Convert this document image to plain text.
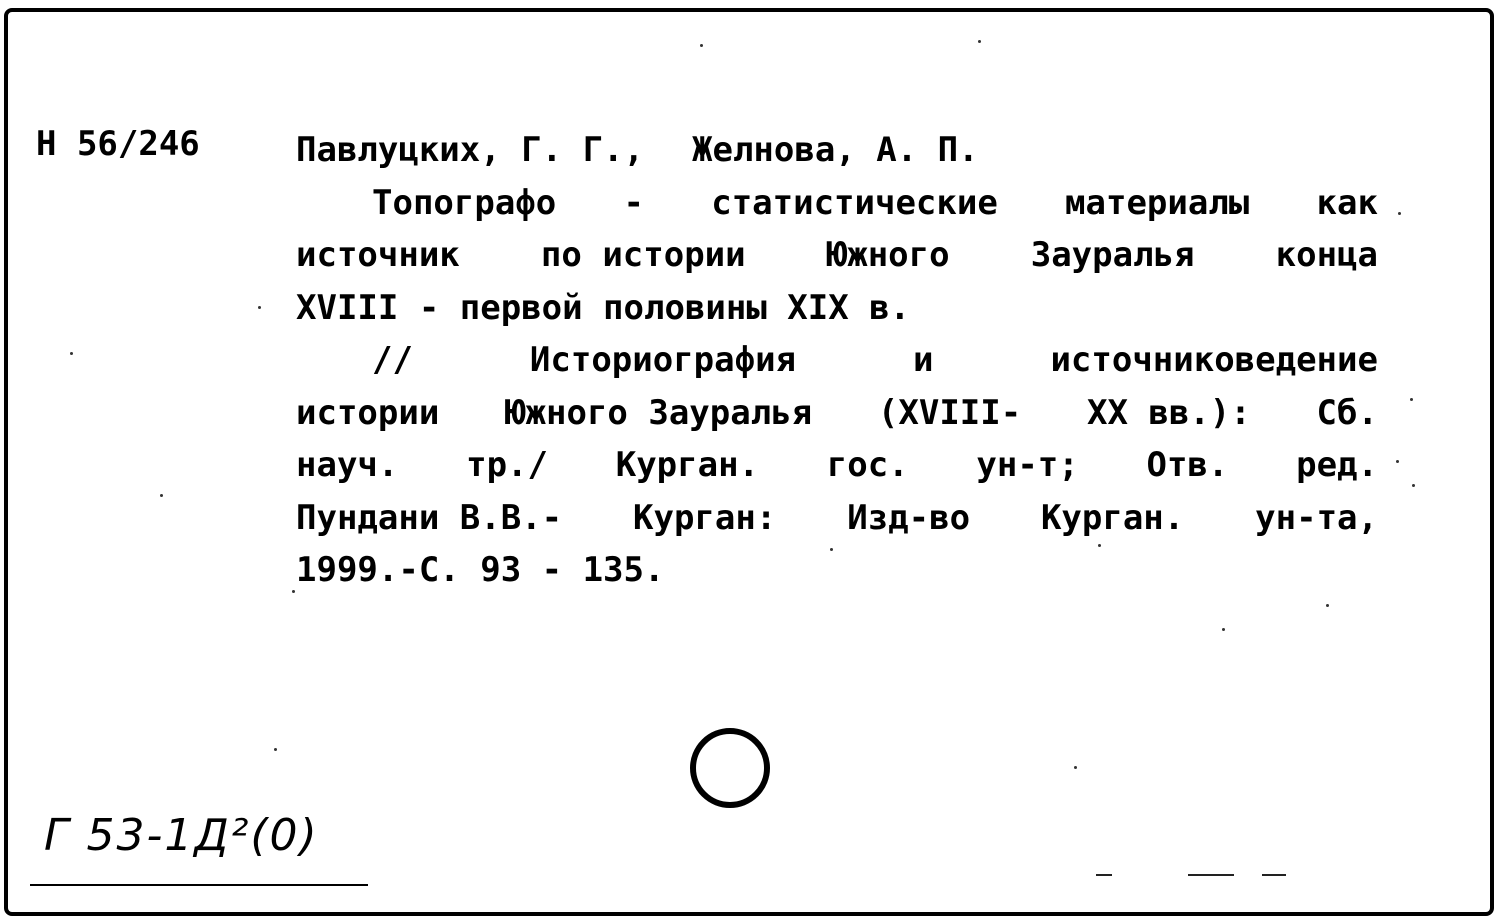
Н 56/246	Павлуцких, Г. Г., Желнова, А. П.
Топографо - статистические материалы как
источник по истории Южного Зауралья конца
XVIII - первой половины XIX в.
//	Историография	и	источниковедение
истории Южного Зауралья (XVIII- XX вв.): Сб.
науч. тр./ Курган. гос. ун-т; Отв. ред.
Пундани В.В.- Курган: Изд-во Курган. ун-та,
1999.-С. 93 - 135.
Г 53-1Д²(0)
